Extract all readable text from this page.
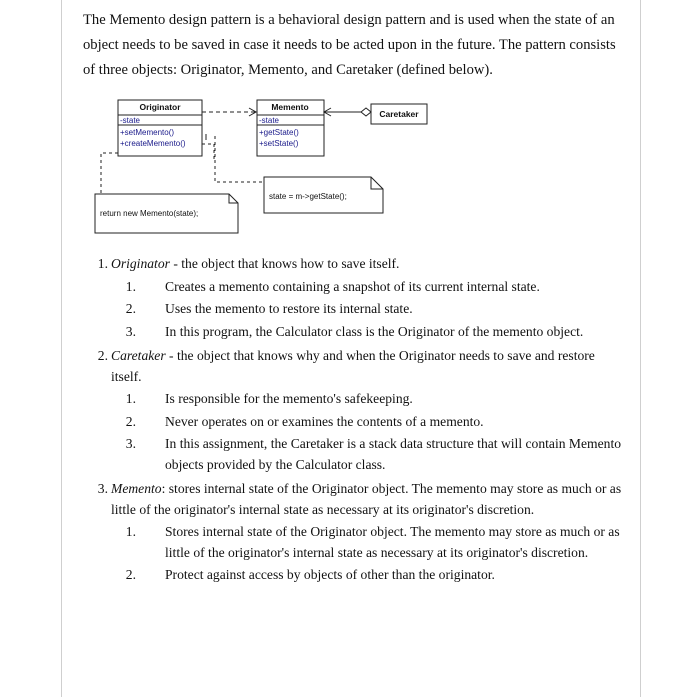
The Memento design pattern is a behavioral design pattern and is used when the state of an object needs to be saved in case it needs to be acted upon in the future. The pattern consists of three objects: Originator, Memento, and Caretaker (defined below).

Originator
-state
+setMemento()
+createMemento()
Memento
-state
+getState()
+setState()
Caretaker
return new Memento(state);
state = m->getState();
1. Originator - the object that knows how to save itself.
1. Creates a memento containing a snapshot of its current internal state.
2. Uses the memento to restore its internal state.
3. In this program, the Calculator class is the Originator of the memento object.
2. Caretaker - the object that knows why and when the Originator needs to save and restore itself.
1. Is responsible for the memento's safekeeping.
2. Never operates on or examines the contents of a memento.
3. In this assignment, the Caretaker is a stack data structure that will contain Memento objects provided by the Calculator class.
3. Memento: stores internal state of the Originator object. The memento may store as much or as little of the originator's internal state as necessary at its originator's discretion.
1. Stores internal state of the Originator object. The memento may store as much or as little of the originator's internal state as necessary at its originator's discretion.
2. Protect against access by objects of other than the originator.
